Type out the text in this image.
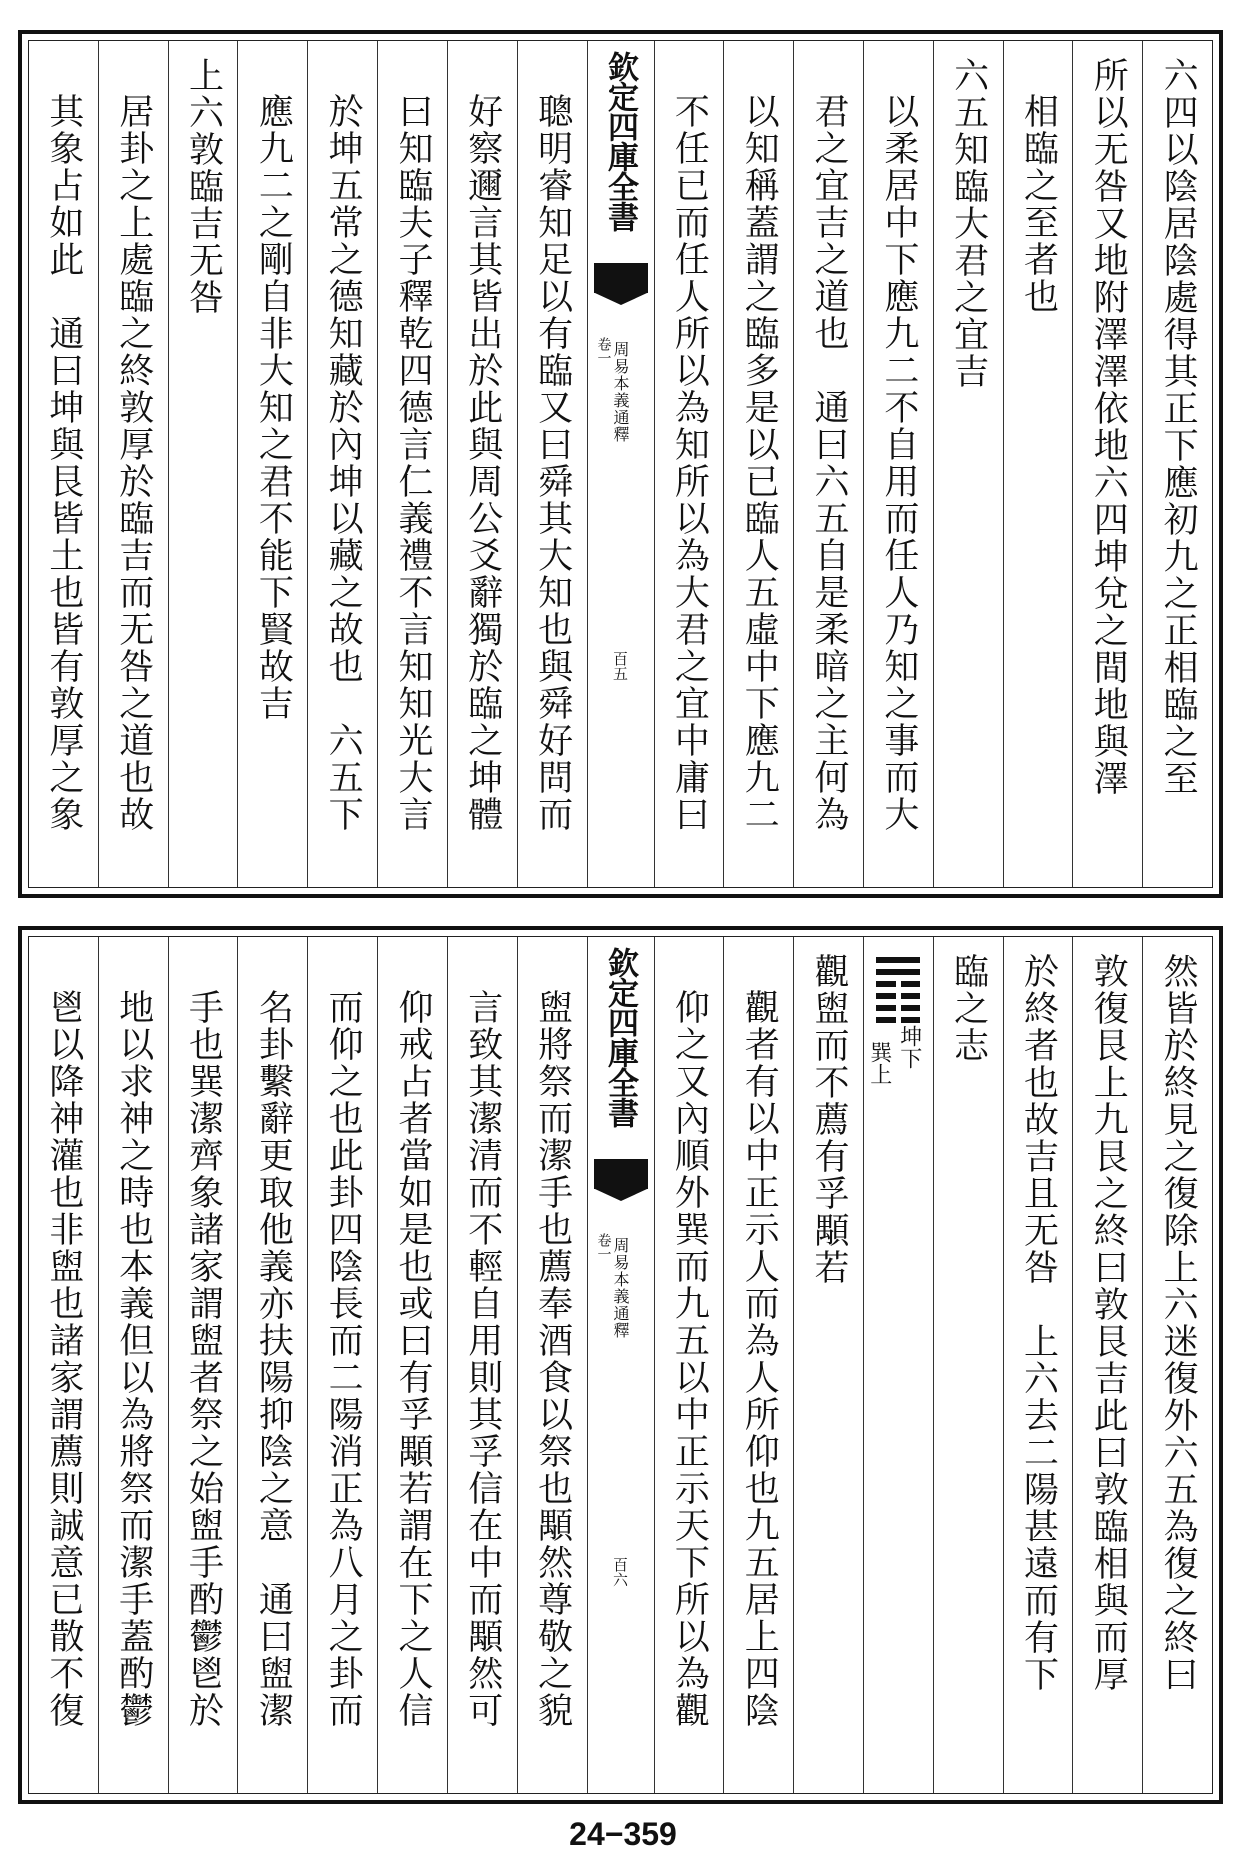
六四以陰居陰處得其正下應初九之正相臨之至
所以无咎又地附澤澤依地六四坤兌之間地與澤
相臨之至者也
六五知臨大君之宜吉
以柔居中下應九二不自用而任人乃知之事而大
君之宜吉之道也　通曰六五自是柔暗之主何為
以知稱蓋謂之臨多是以已臨人五虛中下應九二
不任已而任人所以為知所以為大君之宜中庸曰
欽定四庫全書
周易本義通釋
卷一
百五
聰明睿知足以有臨又曰舜其大知也與舜好問而
好察邇言其皆出於此與周公爻辭獨於臨之坤體
曰知臨夫子釋乾四德言仁義禮不言知知光大言
於坤五常之德知藏於內坤以藏之故也　六五下
應九二之剛自非大知之君不能下賢故吉
上六敦臨吉无咎
居卦之上處臨之終敦厚於臨吉而无咎之道也故
其象占如此　通曰坤與艮皆土也皆有敦厚之象
然皆於終見之復除上六迷復外六五為復之終曰
敦復艮上九艮之終曰敦艮吉此曰敦臨相與而厚
於終者也故吉且无咎　上六去二陽甚遠而有下
臨之志
坤下
巽上
觀盥而不薦有孚顒若
觀者有以中正示人而為人所仰也九五居上四陰
仰之又內順外巽而九五以中正示天下所以為觀
欽定四庫全書
周易本義通釋
卷一
百六
盥將祭而潔手也薦奉酒食以祭也顒然尊敬之貌
言致其潔清而不輕自用則其孚信在中而顒然可
仰戒占者當如是也或曰有孚顒若謂在下之人信
而仰之也此卦四陰長而二陽消正為八月之卦而
名卦繫辭更取他義亦扶陽抑陰之意　通曰盥潔
手也巽潔齊象諸家謂盥者祭之始盥手酌鬱鬯於
地以求神之時也本義但以為將祭而潔手蓋酌鬱
鬯以降神灌也非盥也諸家謂薦則誠意已散不復
24−359
